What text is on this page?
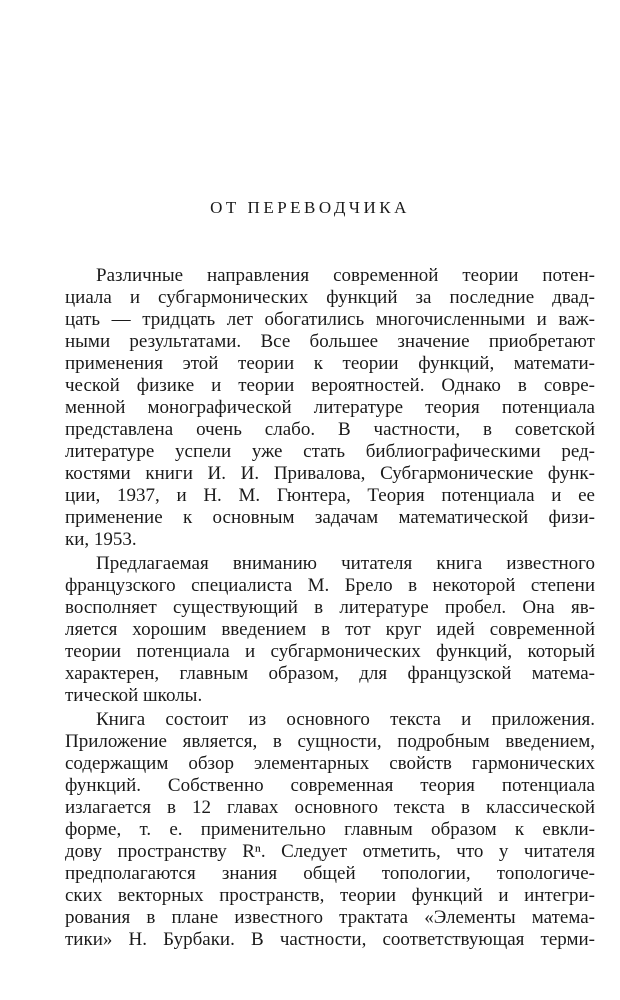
ОТ ПЕРЕВОДЧИКА
Различные направления современной теории потен-
циала и субгармонических функций за последние двад-
цать — тридцать лет обогатились многочисленными и важ-
ными результатами. Все большее значение приобретают
применения этой теории к теории функций, математи-
ческой физике и теории вероятностей. Однако в совре-
менной монографической литературе теория потенциала
представлена очень слабо. В частности, в советской
литературе успели уже стать библиографическими ред-
костями книги И. И. Привалова, Субгармонические функ-
ции, 1937, и Н. М. Гюнтера, Теория потенциала и ее
применение к основным задачам математической физи-
ки, 1953.
Предлагаемая вниманию читателя книга известного
французского специалиста М. Брело в некоторой степени
восполняет существующий в литературе пробел. Она яв-
ляется хорошим введением в тот круг идей современной
теории потенциала и субгармонических функций, который
характерен, главным образом, для французской матема-
тической школы.
Книга состоит из основного текста и приложения.
Приложение является, в сущности, подробным введением,
содержащим обзор элементарных свойств гармонических
функций. Собственно современная теория потенциала
излагается в 12 главах основного текста в классической
форме, т. е. применительно главным образом к евкли-
дову пространству Rⁿ. Следует отметить, что у читателя
предполагаются знания общей топологии, топологиче-
ских векторных пространств, теории функций и интегри-
рования в плане известного трактата «Элементы матема-
тики» Н. Бурбаки. В частности, соответствующая терми-
